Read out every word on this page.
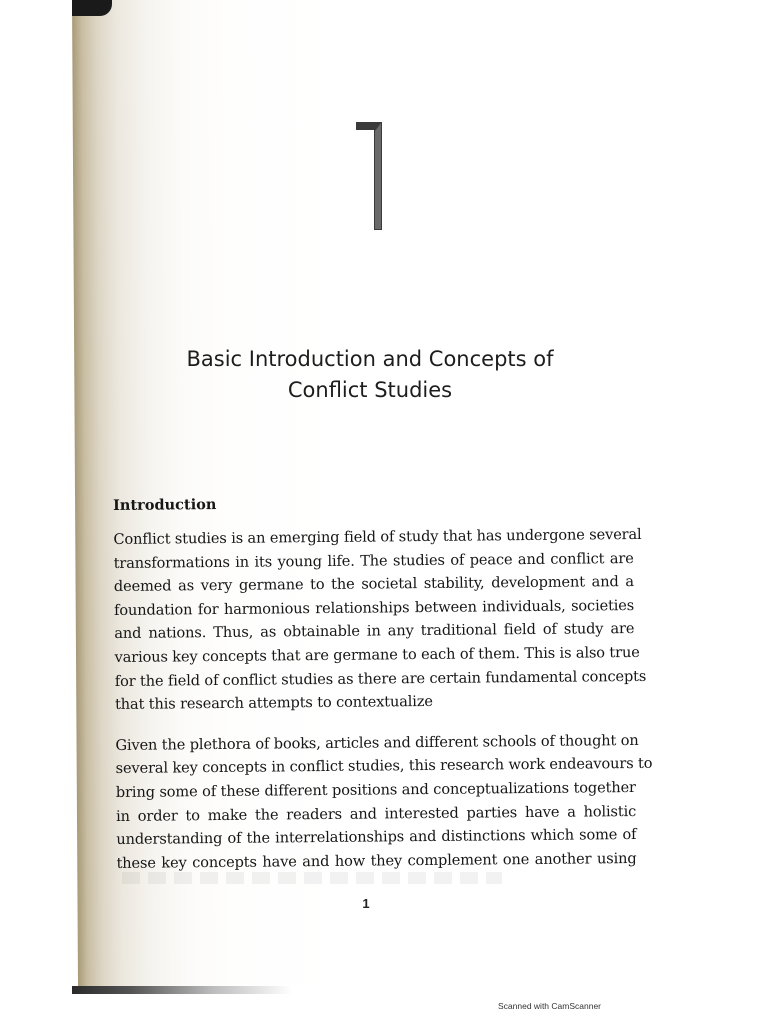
Basic Introduction and Concepts of
Conflict Studies
Introduction
Conflict studies is an emerging field of study that has undergone several
transformations in its young life. The studies of peace and conflict are
deemed as very germane to the societal stability, development and a
foundation for harmonious relationships between individuals, societies
and nations. Thus, as obtainable in any traditional field of study are
various key concepts that are germane to each of them. This is also true
for the field of conflict studies as there are certain fundamental concepts
that this research attempts to contextualize
Given the plethora of books, articles and different schools of thought on
several key concepts in conflict studies, this research work endeavours to
bring some of these different positions and conceptualizations together
in order to make the readers and interested parties have a holistic
understanding of the interrelationships and distinctions which some of
these key concepts have and how they complement one another using
1
Scanned with CamScanner
